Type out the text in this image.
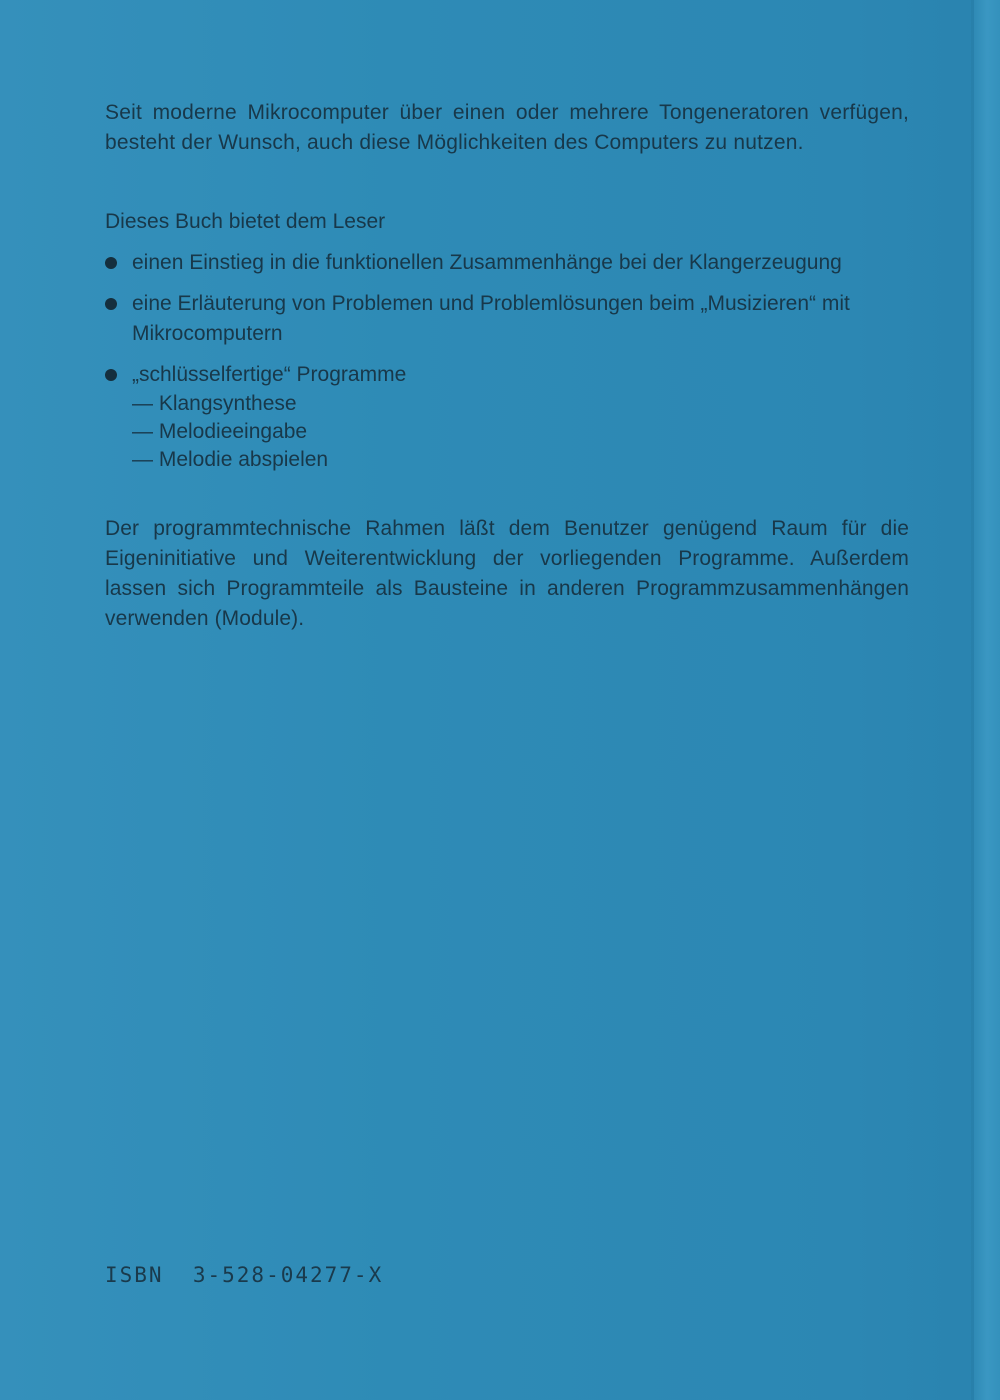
Seit moderne Mikrocomputer über einen oder mehrere Tongeneratoren verfügen, besteht der Wunsch, auch diese Möglichkeiten des Computers zu nutzen.

Dieses Buch bietet dem Leser

einen Einstieg in die funktionellen Zusammenhänge bei der Klangerzeugung
eine Erläuterung von Problemen und Problemlösungen beim „Musizieren“ mit Mikrocomputern
„schlüsselfertige“ Programme
— Klangsynthese
— Melodieeingabe
— Melodie abspielen

Der programmtechnische Rahmen läßt dem Benutzer genügend Raum für die Eigeninitiative und Weiterentwicklung der vorliegenden Programme. Außerdem lassen sich Programmteile als Bausteine in anderen Programmzusammenhängen verwenden (Module).

ISBN  3-528-04277-X
